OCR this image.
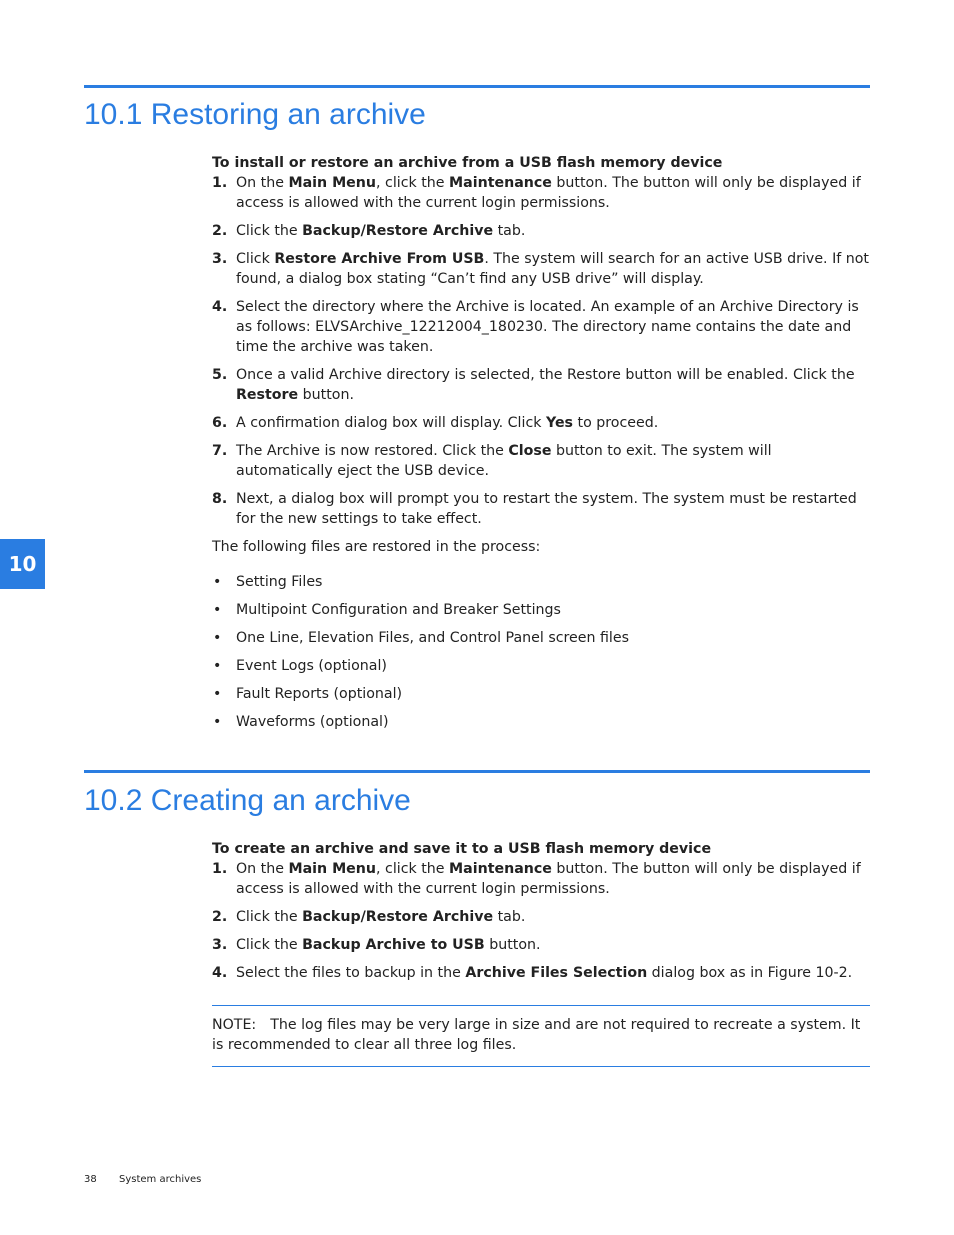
10.1 Restoring an archive

To install or restore an archive from a USB flash memory device

1. On the Main Menu, click the Maintenance button. The button will only be displayed if access is allowed with the current login permissions.
2. Click the Backup/Restore Archive tab.
3. Click Restore Archive From USB. The system will search for an active USB drive. If not found, a dialog box stating “Can’t find any USB drive” will display.
4. Select the directory where the Archive is located. An example of an Archive Directory is as follows: ELVSArchive_12212004_180230. The directory name contains the date and time the archive was taken.
5. Once a valid Archive directory is selected, the Restore button will be enabled. Click the Restore button.
6. A confirmation dialog box will display. Click Yes to proceed.
7. The Archive is now restored. Click the Close button to exit. The system will automatically eject the USB device.
8. Next, a dialog box will prompt you to restart the system. The system must be restarted for the new settings to take effect.

The following files are restored in the process:

• Setting Files
• Multipoint Configuration and Breaker Settings
• One Line, Elevation Files, and Control Panel screen files
• Event Logs (optional)
• Fault Reports (optional)
• Waveforms (optional)
10
10.2 Creating an archive

To create an archive and save it to a USB flash memory device

1. On the Main Menu, click the Maintenance button. The button will only be displayed if access is allowed with the current login permissions.
2. Click the Backup/Restore Archive tab.
3. Click the Backup Archive to USB button.
4. Select the files to backup in the Archive Files Selection dialog box as in Figure 10-2.
NOTE: The log files may be very large in size and are not required to recreate a system. It is recommended to clear all three log files.
38 System archives
